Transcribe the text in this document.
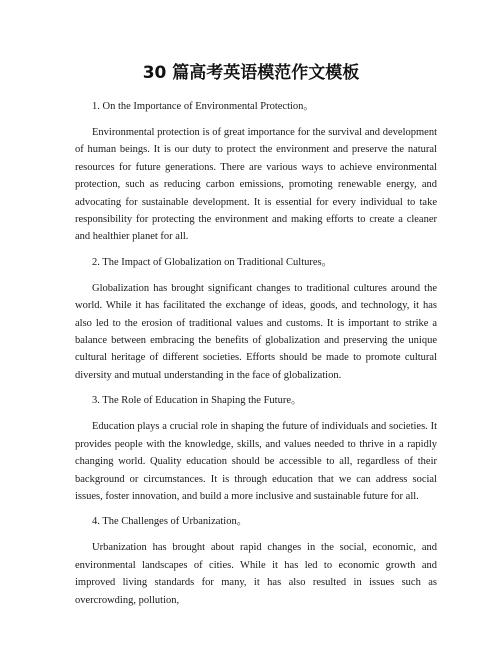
30 篇高考英语模范作文模板

1. On the Importance of Environmental Protection。

Environmental protection is of great importance for the survival and development of human beings. It is our duty to protect the environment and preserve the natural resources for future generations. There are various ways to achieve environmental protection, such as reducing carbon emissions, promoting renewable energy, and advocating for sustainable development. It is essential for every individual to take responsibility for protecting the environment and making efforts to create a cleaner and healthier planet for all.

2. The Impact of Globalization on Traditional Cultures。

Globalization has brought significant changes to traditional cultures around the world. While it has facilitated the exchange of ideas, goods, and technology, it has also led to the erosion of traditional values and customs. It is important to strike a balance between embracing the benefits of globalization and preserving the unique cultural heritage of different societies. Efforts should be made to promote cultural diversity and mutual understanding in the face of globalization.

3. The Role of Education in Shaping the Future。

Education plays a crucial role in shaping the future of individuals and societies. It provides people with the knowledge, skills, and values needed to thrive in a rapidly changing world. Quality education should be accessible to all, regardless of their background or circumstances. It is through education that we can address social issues, foster innovation, and build a more inclusive and sustainable future for all.

4. The Challenges of Urbanization。

Urbanization has brought about rapid changes in the social, economic, and environmental landscapes of cities. While it has led to economic growth and improved living standards for many, it has also resulted in issues such as overcrowding, pollution,
